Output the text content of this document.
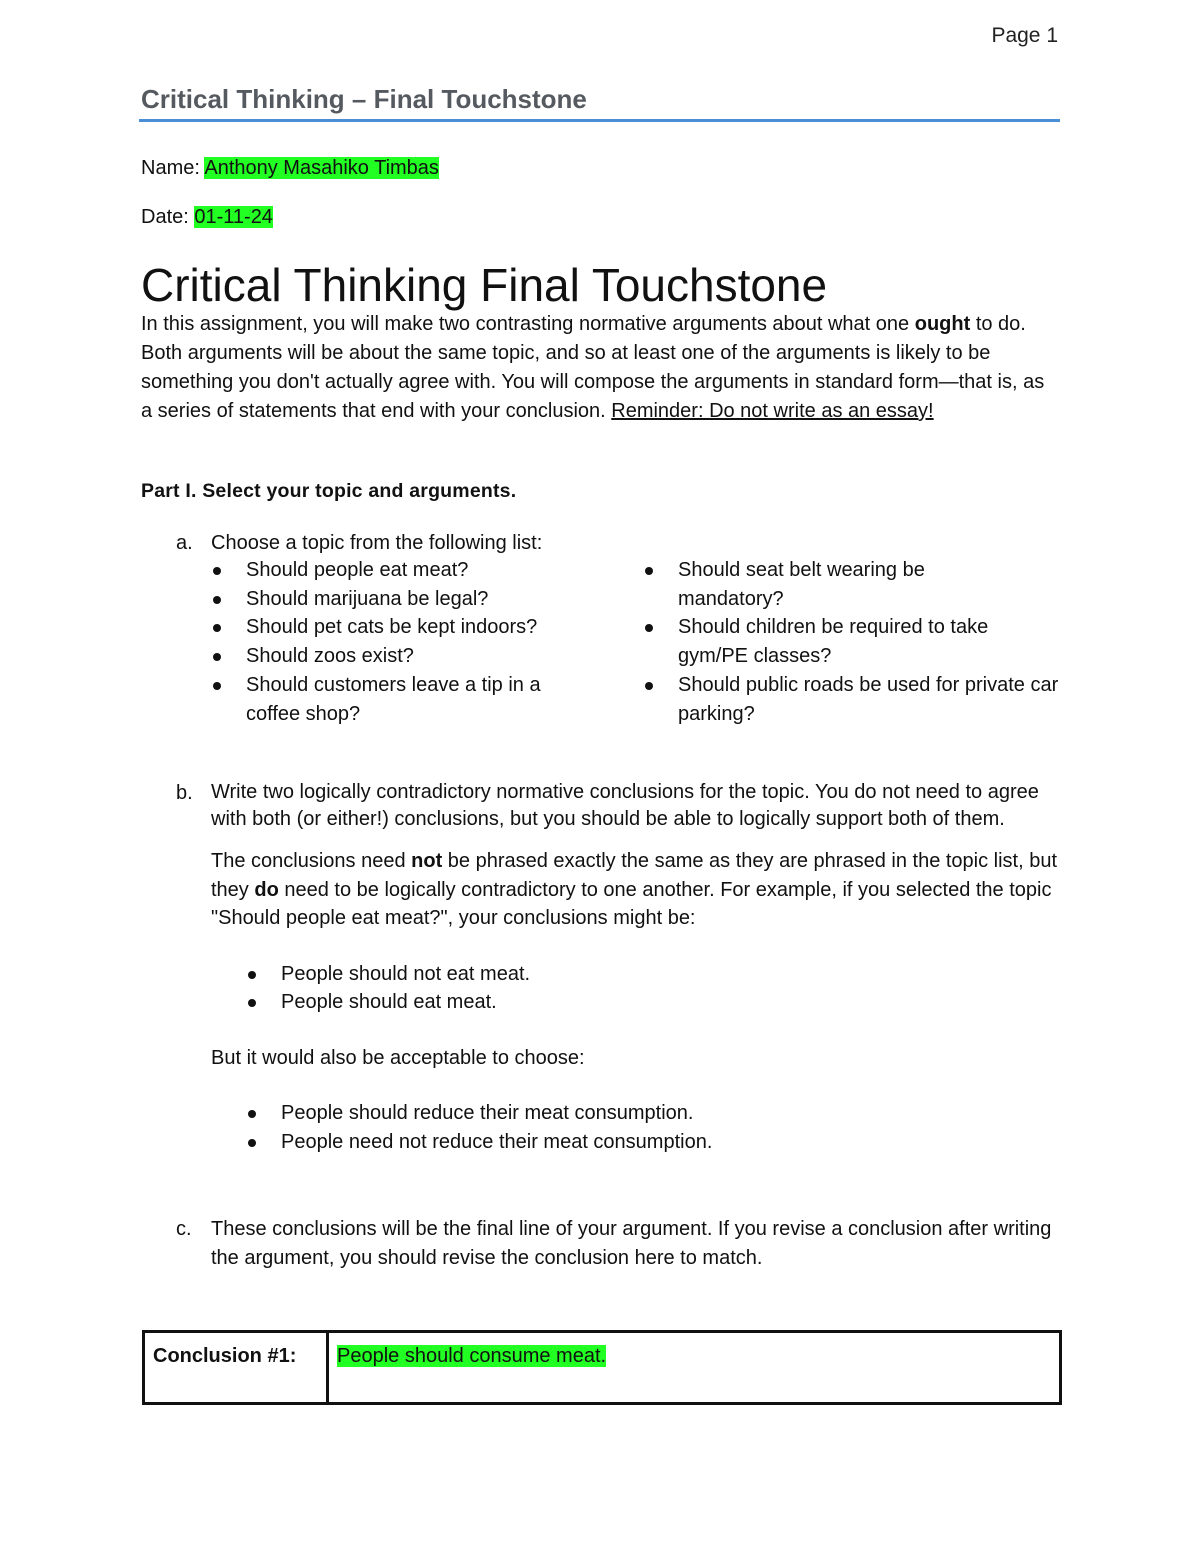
Page 1
Critical Thinking – Final Touchstone
Name: Anthony Masahiko Timbas
Date: 01-11-24
Critical Thinking Final Touchstone
In this assignment, you will make two contrasting normative arguments about what one ought to do. Both arguments will be about the same topic, and so at least one of the arguments is likely to be something you don't actually agree with. You will compose the arguments in standard form—that is, as a series of statements that end with your conclusion. Reminder: Do not write as an essay!
Part I. Select your topic and arguments.
a. Choose a topic from the following list:
Should people eat meat?
Should marijuana be legal?
Should pet cats be kept indoors?
Should zoos exist?
Should customers leave a tip in a coffee shop?
Should seat belt wearing be mandatory?
Should children be required to take gym/PE classes?
Should public roads be used for private car parking?
b. Write two logically contradictory normative conclusions for the topic. You do not need to agree with both (or either!) conclusions, but you should be able to logically support both of them.

The conclusions need not be phrased exactly the same as they are phrased in the topic list, but they do need to be logically contradictory to one another. For example, if you selected the topic "Should people eat meat?", your conclusions might be:

People should not eat meat.
People should eat meat.

But it would also be acceptable to choose:

People should reduce their meat consumption.
People need not reduce their meat consumption.
c. These conclusions will be the final line of your argument. If you revise a conclusion after writing the argument, you should revise the conclusion here to match.
Conclusion #1:	People should consume meat.
